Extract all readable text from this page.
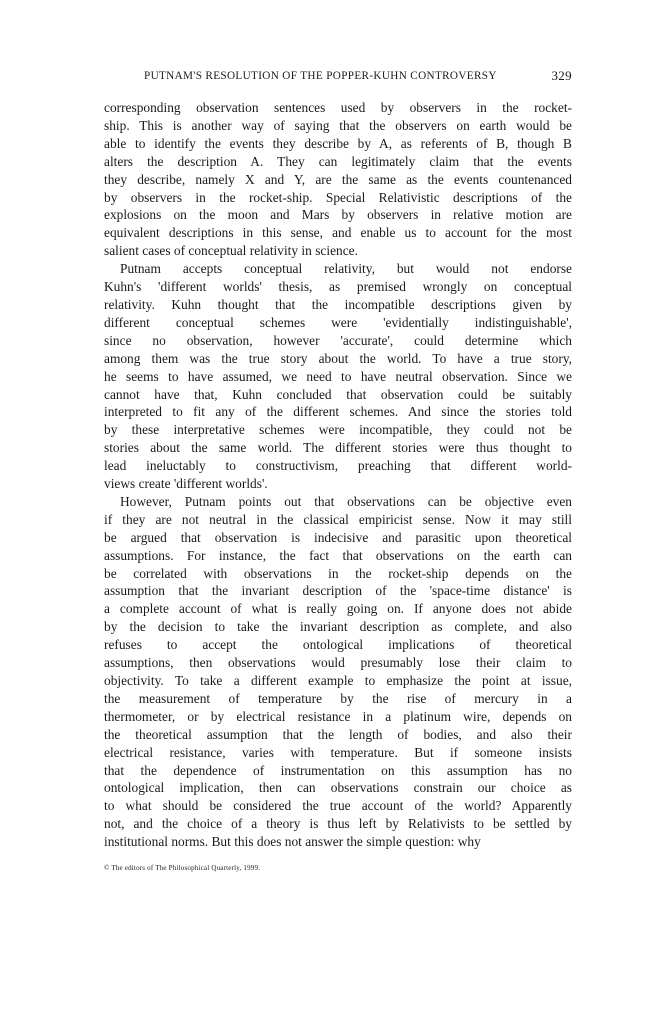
PUTNAM'S RESOLUTION OF THE POPPER-KUHN CONTROVERSY	329
corresponding observation sentences used by observers in the rocket-
ship. This is another way of saying that the observers on earth would be
able to identify the events they describe by A, as referents of B, though B
alters the description A. They can legitimately claim that the events
they describe, namely X and Y, are the same as the events countenanced
by observers in the rocket-ship. Special Relativistic descriptions of the
explosions on the moon and Mars by observers in relative motion are
equivalent descriptions in this sense, and enable us to account for the most
salient cases of conceptual relativity in science.
Putnam accepts conceptual relativity, but would not endorse
Kuhn's 'different worlds' thesis, as premised wrongly on conceptual
relativity. Kuhn thought that the incompatible descriptions given by
different conceptual schemes were 'evidentially indistinguishable',
since no observation, however 'accurate', could determine which
among them was the true story about the world. To have a true story,
he seems to have assumed, we need to have neutral observation. Since we
cannot have that, Kuhn concluded that observation could be suitably
interpreted to fit any of the different schemes. And since the stories told
by these interpretative schemes were incompatible, they could not be
stories about the same world. The different stories were thus thought to
lead ineluctably to constructivism, preaching that different world-
views create 'different worlds'.
However, Putnam points out that observations can be objective even
if they are not neutral in the classical empiricist sense. Now it may still
be argued that observation is indecisive and parasitic upon theoretical
assumptions. For instance, the fact that observations on the earth can
be correlated with observations in the rocket-ship depends on the
assumption that the invariant description of the 'space-time distance' is
a complete account of what is really going on. If anyone does not abide
by the decision to take the invariant description as complete, and also
refuses to accept the ontological implications of theoretical
assumptions, then observations would presumably lose their claim to
objectivity. To take a different example to emphasize the point at issue,
the measurement of temperature by the rise of mercury in a
thermometer, or by electrical resistance in a platinum wire, depends on
the theoretical assumption that the length of bodies, and also their
electrical resistance, varies with temperature. But if someone insists
that the dependence of instrumentation on this assumption has no
ontological implication, then can observations constrain our choice as
to what should be considered the true account of the world? Apparently
not, and the choice of a theory is thus left by Relativists to be settled by
institutional norms. But this does not answer the simple question: why
© The editors of The Philosophical Quarterly, 1999.
